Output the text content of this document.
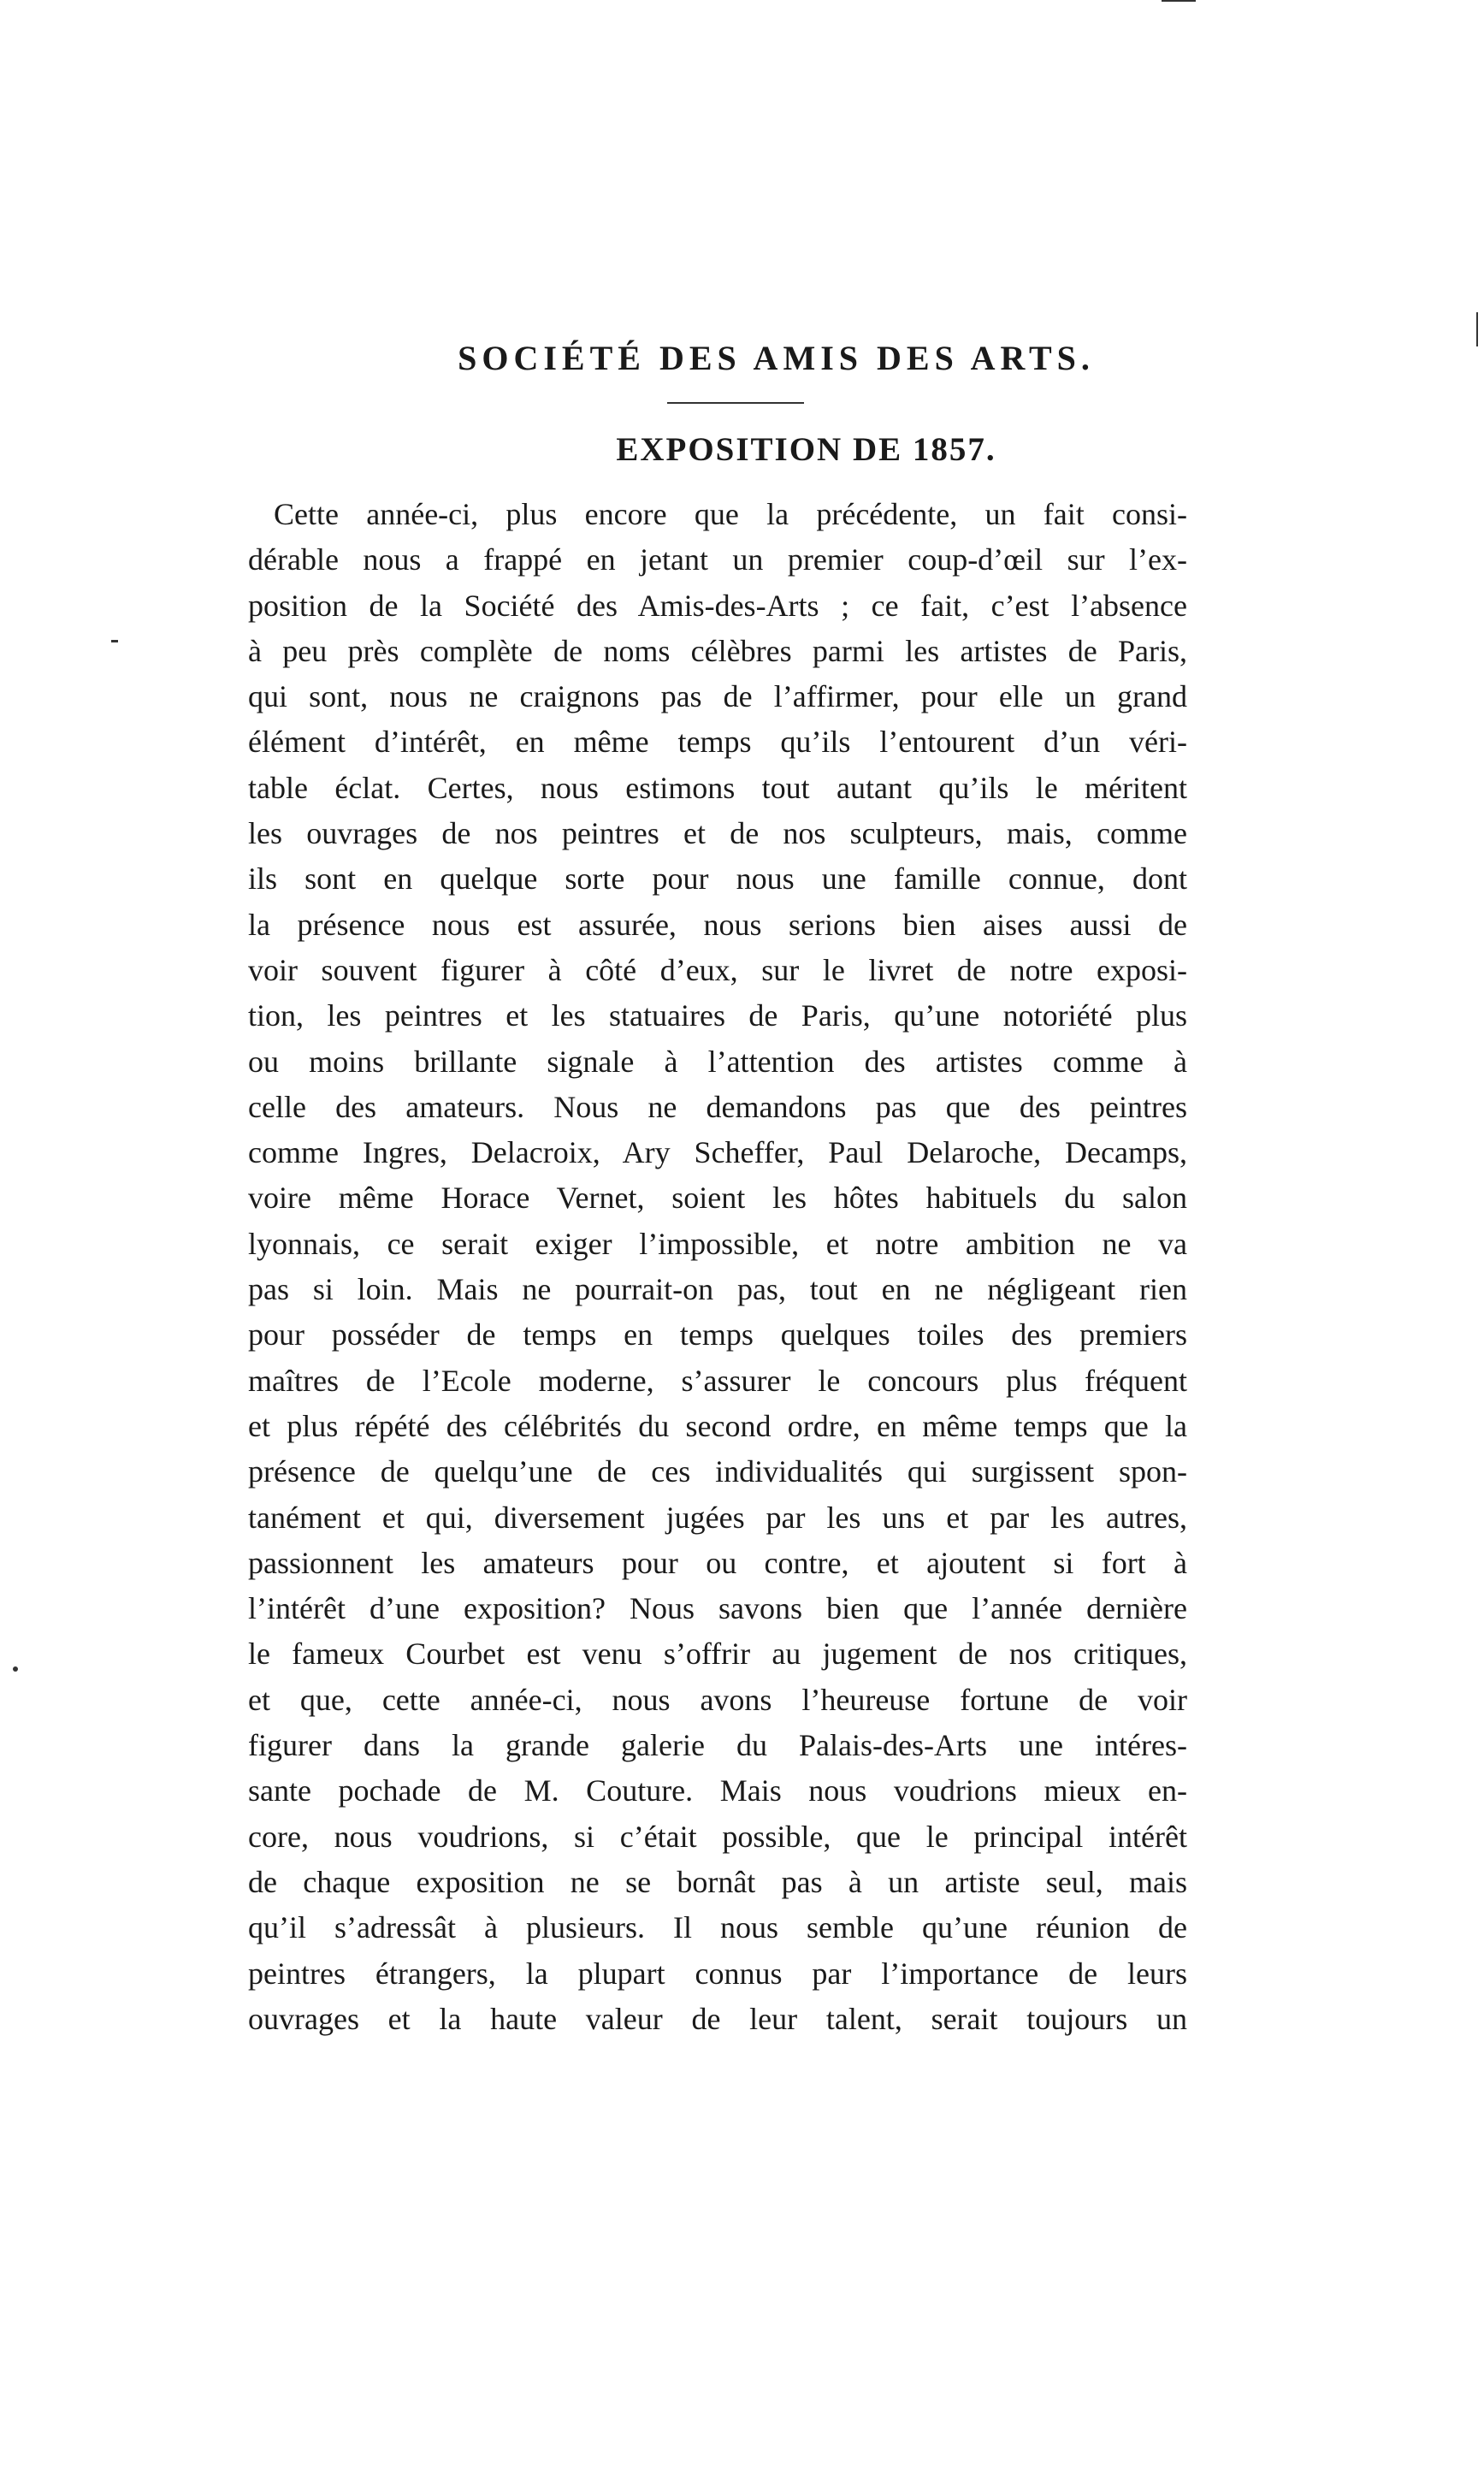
SOCIÉTÉ DES AMIS DES ARTS.
EXPOSITION DE 1857.
Cette année-ci, plus encore que la précédente, un fait consi-
dérable nous a frappé en jetant un premier coup-d’œil sur l’ex-
position de la Société des Amis-des-Arts ; ce fait, c’est l’absence
à peu près complète de noms célèbres parmi les artistes de Paris,
qui sont, nous ne craignons pas de l’affirmer, pour elle un grand
élément d’intérêt, en même temps qu’ils l’entourent d’un véri-
table éclat. Certes, nous estimons tout autant qu’ils le méritent
les ouvrages de nos peintres et de nos sculpteurs, mais, comme
ils sont en quelque sorte pour nous une famille connue, dont
la présence nous est assurée, nous serions bien aises aussi de
voir souvent figurer à côté d’eux, sur le livret de notre exposi-
tion, les peintres et les statuaires de Paris, qu’une notoriété plus
ou moins brillante signale à l’attention des artistes comme à
celle des amateurs. Nous ne demandons pas que des peintres
comme Ingres, Delacroix, Ary Scheffer, Paul Delaroche, Decamps,
voire même Horace Vernet, soient les hôtes habituels du salon
lyonnais, ce serait exiger l’impossible, et notre ambition ne va
pas si loin. Mais ne pourrait-on pas, tout en ne négligeant rien
pour posséder de temps en temps quelques toiles des premiers
maîtres de l’Ecole moderne, s’assurer le concours plus fréquent
et plus répété des célébrités du second ordre, en même temps que la
présence de quelqu’une de ces individualités qui surgissent spon-
tanément et qui, diversement jugées par les uns et par les autres,
passionnent les amateurs pour ou contre, et ajoutent si fort à
l’intérêt d’une exposition? Nous savons bien que l’année dernière
le fameux Courbet est venu s’offrir au jugement de nos critiques,
et que, cette année-ci, nous avons l’heureuse fortune de voir
figurer dans la grande galerie du Palais-des-Arts une intéres-
sante pochade de M. Couture. Mais nous voudrions mieux en-
core, nous voudrions, si c’était possible, que le principal intérêt
de chaque exposition ne se bornât pas à un artiste seul, mais
qu’il s’adressât à plusieurs. Il nous semble qu’une réunion de
peintres étrangers, la plupart connus par l’importance de leurs
ouvrages et la haute valeur de leur talent, serait toujours un
